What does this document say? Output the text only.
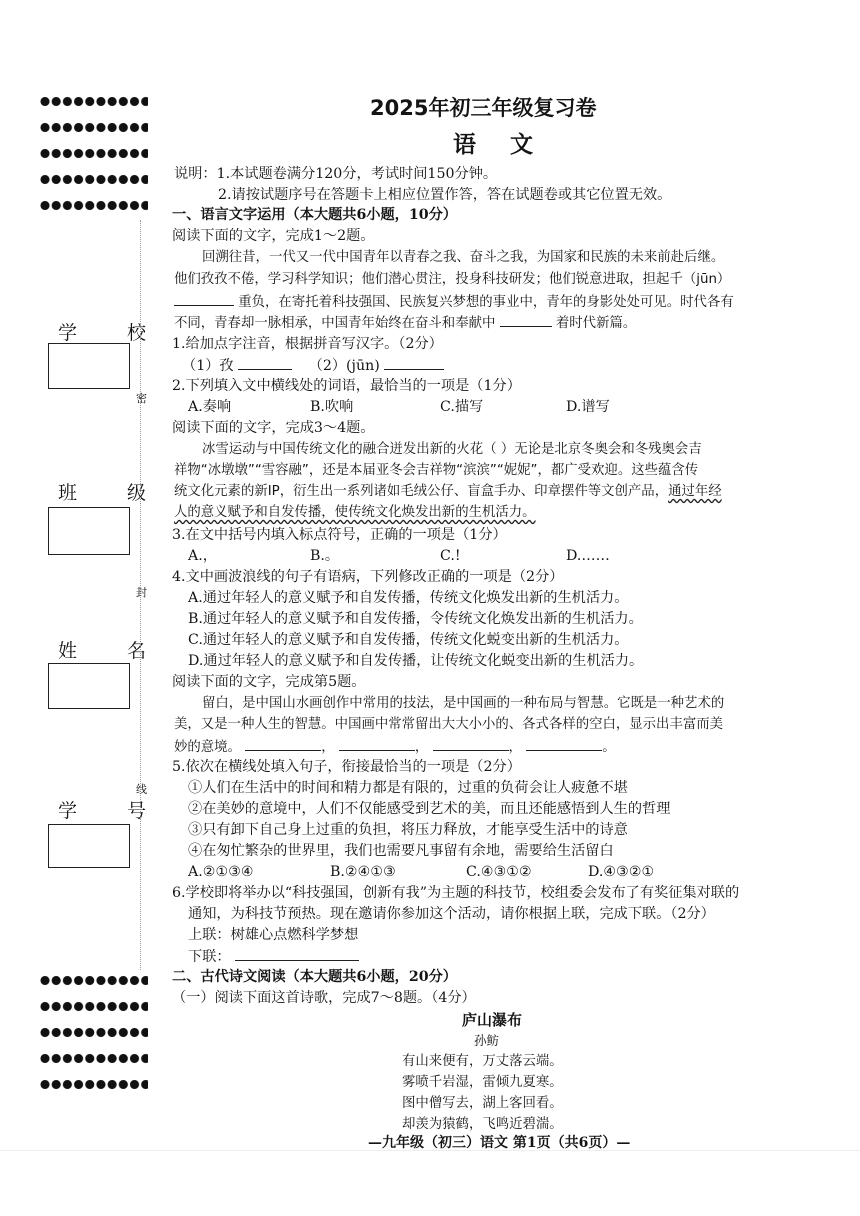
学 校
班 级
姓 名
学 号
密
封
线
2025年初三年级复习卷
语  文
说明：1.本试题卷满分120分，考试时间150分钟。
2.请按试题序号在答题卡上相应位置作答，答在试题卷或其它位置无效。
一、语言文字运用（本大题共6小题，10分）
阅读下面的文字，完成1～2题。
回溯往昔，一代又一代中国青年以青春之我、奋斗之我，为国家和民族的未来前赴后继。
他们孜孜不倦，学习科学知识；他们潜心贯注，投身科技研发；他们锐意进取，担起千（jūn）
重负，在寄托着科技强国、民族复兴梦想的事业中，青年的身影处处可见。时代各有
不同，青春却一脉相承，中国青年始终在奋斗和奉献中	着时代新篇。
1.给加点字注音，根据拼音写汉字。（2分）
（1）孜	（2）(jūn)
2.下列填入文中横线处的词语，最恰当的一项是（1分）
A.奏响	B.吹响	C.描写	D.谱写
阅读下面的文字，完成3～4题。
冰雪运动与中国传统文化的融合迸发出新的火花（ ）无论是北京冬奥会和冬残奥会吉
祥物“冰墩墩”“雪容融”，还是本届亚冬会吉祥物“滨滨”“妮妮”，都广受欢迎。这些蕴含传
统文化元素的新IP，衍生出一系列诸如毛绒公仔、盲盒手办、印章摆件等文创产品，通过年经
人的意义赋予和自发传播，使传统文化焕发出新的生机活力。
3.在文中括号内填入标点符号，正确的一项是（1分）
A.，	B.。	C.!	D.……
4.文中画波浪线的句子有语病，下列修改正确的一项是（2分）
A.通过年轻人的意义赋予和自发传播，传统文化焕发出新的生机活力。
B.通过年轻人的意义赋予和自发传播，令传统文化焕发出新的生机活力。
C.通过年轻人的意义赋予和自发传播，传统文化蜕变出新的生机活力。
D.通过年轻人的意义赋予和自发传播，让传统文化蜕变出新的生机活力。
阅读下面的文字，完成第5题。
留白，是中国山水画创作中常用的技法，是中国画的一种布局与智慧。它既是一种艺术的
美，又是一种人生的智慧。中国画中常常留出大大小小的、各式各样的空白，显示出丰富而美
妙的意境。	，	，	，	。
5.依次在横线处填入句子，衔接最恰当的一项是（2分）
①人们在生活中的时间和精力都是有限的，过重的负荷会让人疲惫不堪
②在美妙的意境中，人们不仅能感受到艺术的美，而且还能感悟到人生的哲理
③只有卸下自己身上过重的负担，将压力释放，才能享受生活中的诗意
④在匆忙繁杂的世界里，我们也需要凡事留有余地，需要给生活留白
A.②①③④	B.②④①③	C.④③①②	D.④③②①
6.学校即将举办以“科技强国，创新有我”为主题的科技节，校组委会发布了有奖征集对联的
通知，为科技节预热。现在邀请你参加这个活动，请你根据上联，完成下联。（2分）
上联：树雄心点燃科学梦想
下联：
二、古代诗文阅读（本大题共6小题，20分）
（一）阅读下面这首诗歌，完成7～8题。（4分）
庐山瀑布
孙鲂
有山来便有，万丈落云端。
雾喷千岩湿，雷倾九夏寒。
图中僧写去，湖上客回看。
却羡为猿鹤，飞鸣近碧湍。
—九年级（初三）语文 第1页（共6页）—
